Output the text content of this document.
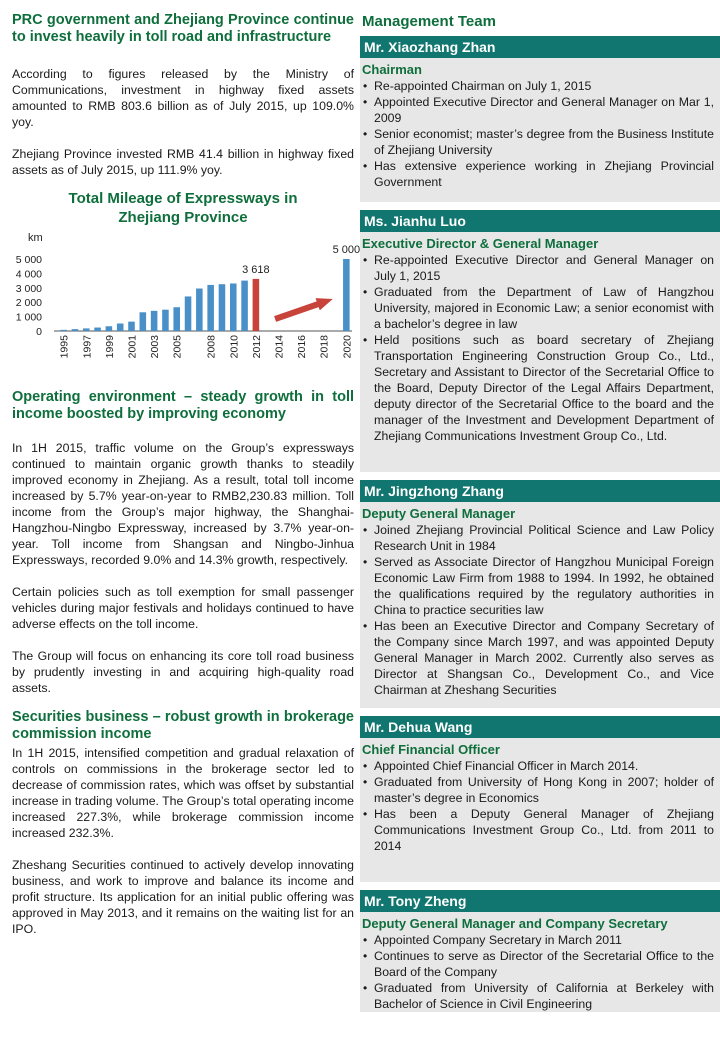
PRC government and Zhejiang Province continue to invest heavily in toll road and infrastructure
According to figures released by the Ministry of Communications, investment in highway fixed assets amounted to RMB 803.6 billion as of July 2015, up 109.0% yoy.
Zhejiang Province invested RMB 41.4 billion in highway fixed assets as of July 2015, up 111.9% yoy.
Total Mileage of Expressways in Zhejiang Province
km
0
1 000
2 000
3 000
4 000
5 000
3 618
5 000
1995 1997 1999 2001 2003 2005 2008 2010 2012 2014 2016 2018 2020
Operating environment – steady growth in toll income boosted by improving economy
In 1H 2015, traffic volume on the Group’s expressways continued to maintain organic growth thanks to steadily improved economy in Zhejiang. As a result, total toll income increased by 5.7% year-on-year to RMB2,230.83 million. Toll income from the Group’s major highway, the Shanghai-Hangzhou-Ningbo Expressway, increased by 3.7% year-on-year. Toll income from Shangsan and Ningbo-Jinhua Expressways, recorded 9.0% and 14.3% growth, respectively.
Certain policies such as toll exemption for small passenger vehicles during major festivals and holidays continued to have adverse effects on the toll income.
The Group will focus on enhancing its core toll road business by prudently investing in and acquiring high-quality road assets.
Securities business – robust growth in brokerage commission income
In 1H 2015, intensified competition and gradual relaxation of controls on commissions in the brokerage sector led to decrease of commission rates, which was offset by substantial increase in trading volume. The Group’s total operating income increased 227.3%, while brokerage commission income increased 232.3%.
Zheshang Securities continued to actively develop innovating business, and work to improve and balance its income and profit structure. Its application for an initial public offering was approved in May 2013, and it remains on the waiting list for an IPO.
Management Team
Mr. Xiaozhang Zhan
Chairman
• Re-appointed Chairman on July 1, 2015
• Appointed Executive Director and General Manager on Mar 1, 2009
• Senior economist; master’s degree from the Business Institute of Zhejiang University
• Has extensive experience working in Zhejiang Provincial Government
Ms. Jianhu Luo
Executive Director & General Manager
• Re-appointed Executive Director and General Manager on July 1, 2015
• Graduated from the Department of Law of Hangzhou University, majored in Economic Law; a senior economist with a bachelor’s degree in law
• Held positions such as board secretary of Zhejiang Transportation Engineering Construction Group Co., Ltd., Secretary and Assistant to Director of the Secretarial Office to the Board, Deputy Director of the Legal Affairs Department, deputy director of the Secretarial Office to the board and the manager of the Investment and Development Department of Zhejiang Communications Investment Group Co., Ltd.
Mr. Jingzhong Zhang
Deputy General Manager
• Joined Zhejiang Provincial Political Science and Law Policy Research Unit in 1984
• Served as Associate Director of Hangzhou Municipal Foreign Economic Law Firm from 1988 to 1994. In 1992, he obtained the qualifications required by the regulatory authorities in China to practice securities law
• Has been an Executive Director and Company Secretary of the Company since March 1997, and was appointed Deputy General Manager in March 2002. Currently also serves as Director at Shangsan Co., Development Co., and Vice Chairman at Zheshang Securities
Mr. Dehua Wang
Chief Financial Officer
• Appointed Chief Financial Officer in March 2014.
• Graduated from University of Hong Kong in 2007; holder of master’s degree in Economics
• Has been a Deputy General Manager of Zhejiang Communications Investment Group Co., Ltd. from 2011 to 2014
Mr. Tony Zheng
Deputy General Manager and Company Secretary
• Appointed Company Secretary in March 2011
• Continues to serve as Director of the Secretarial Office to the Board of the Company
• Graduated from University of California at Berkeley with Bachelor of Science in Civil Engineering
